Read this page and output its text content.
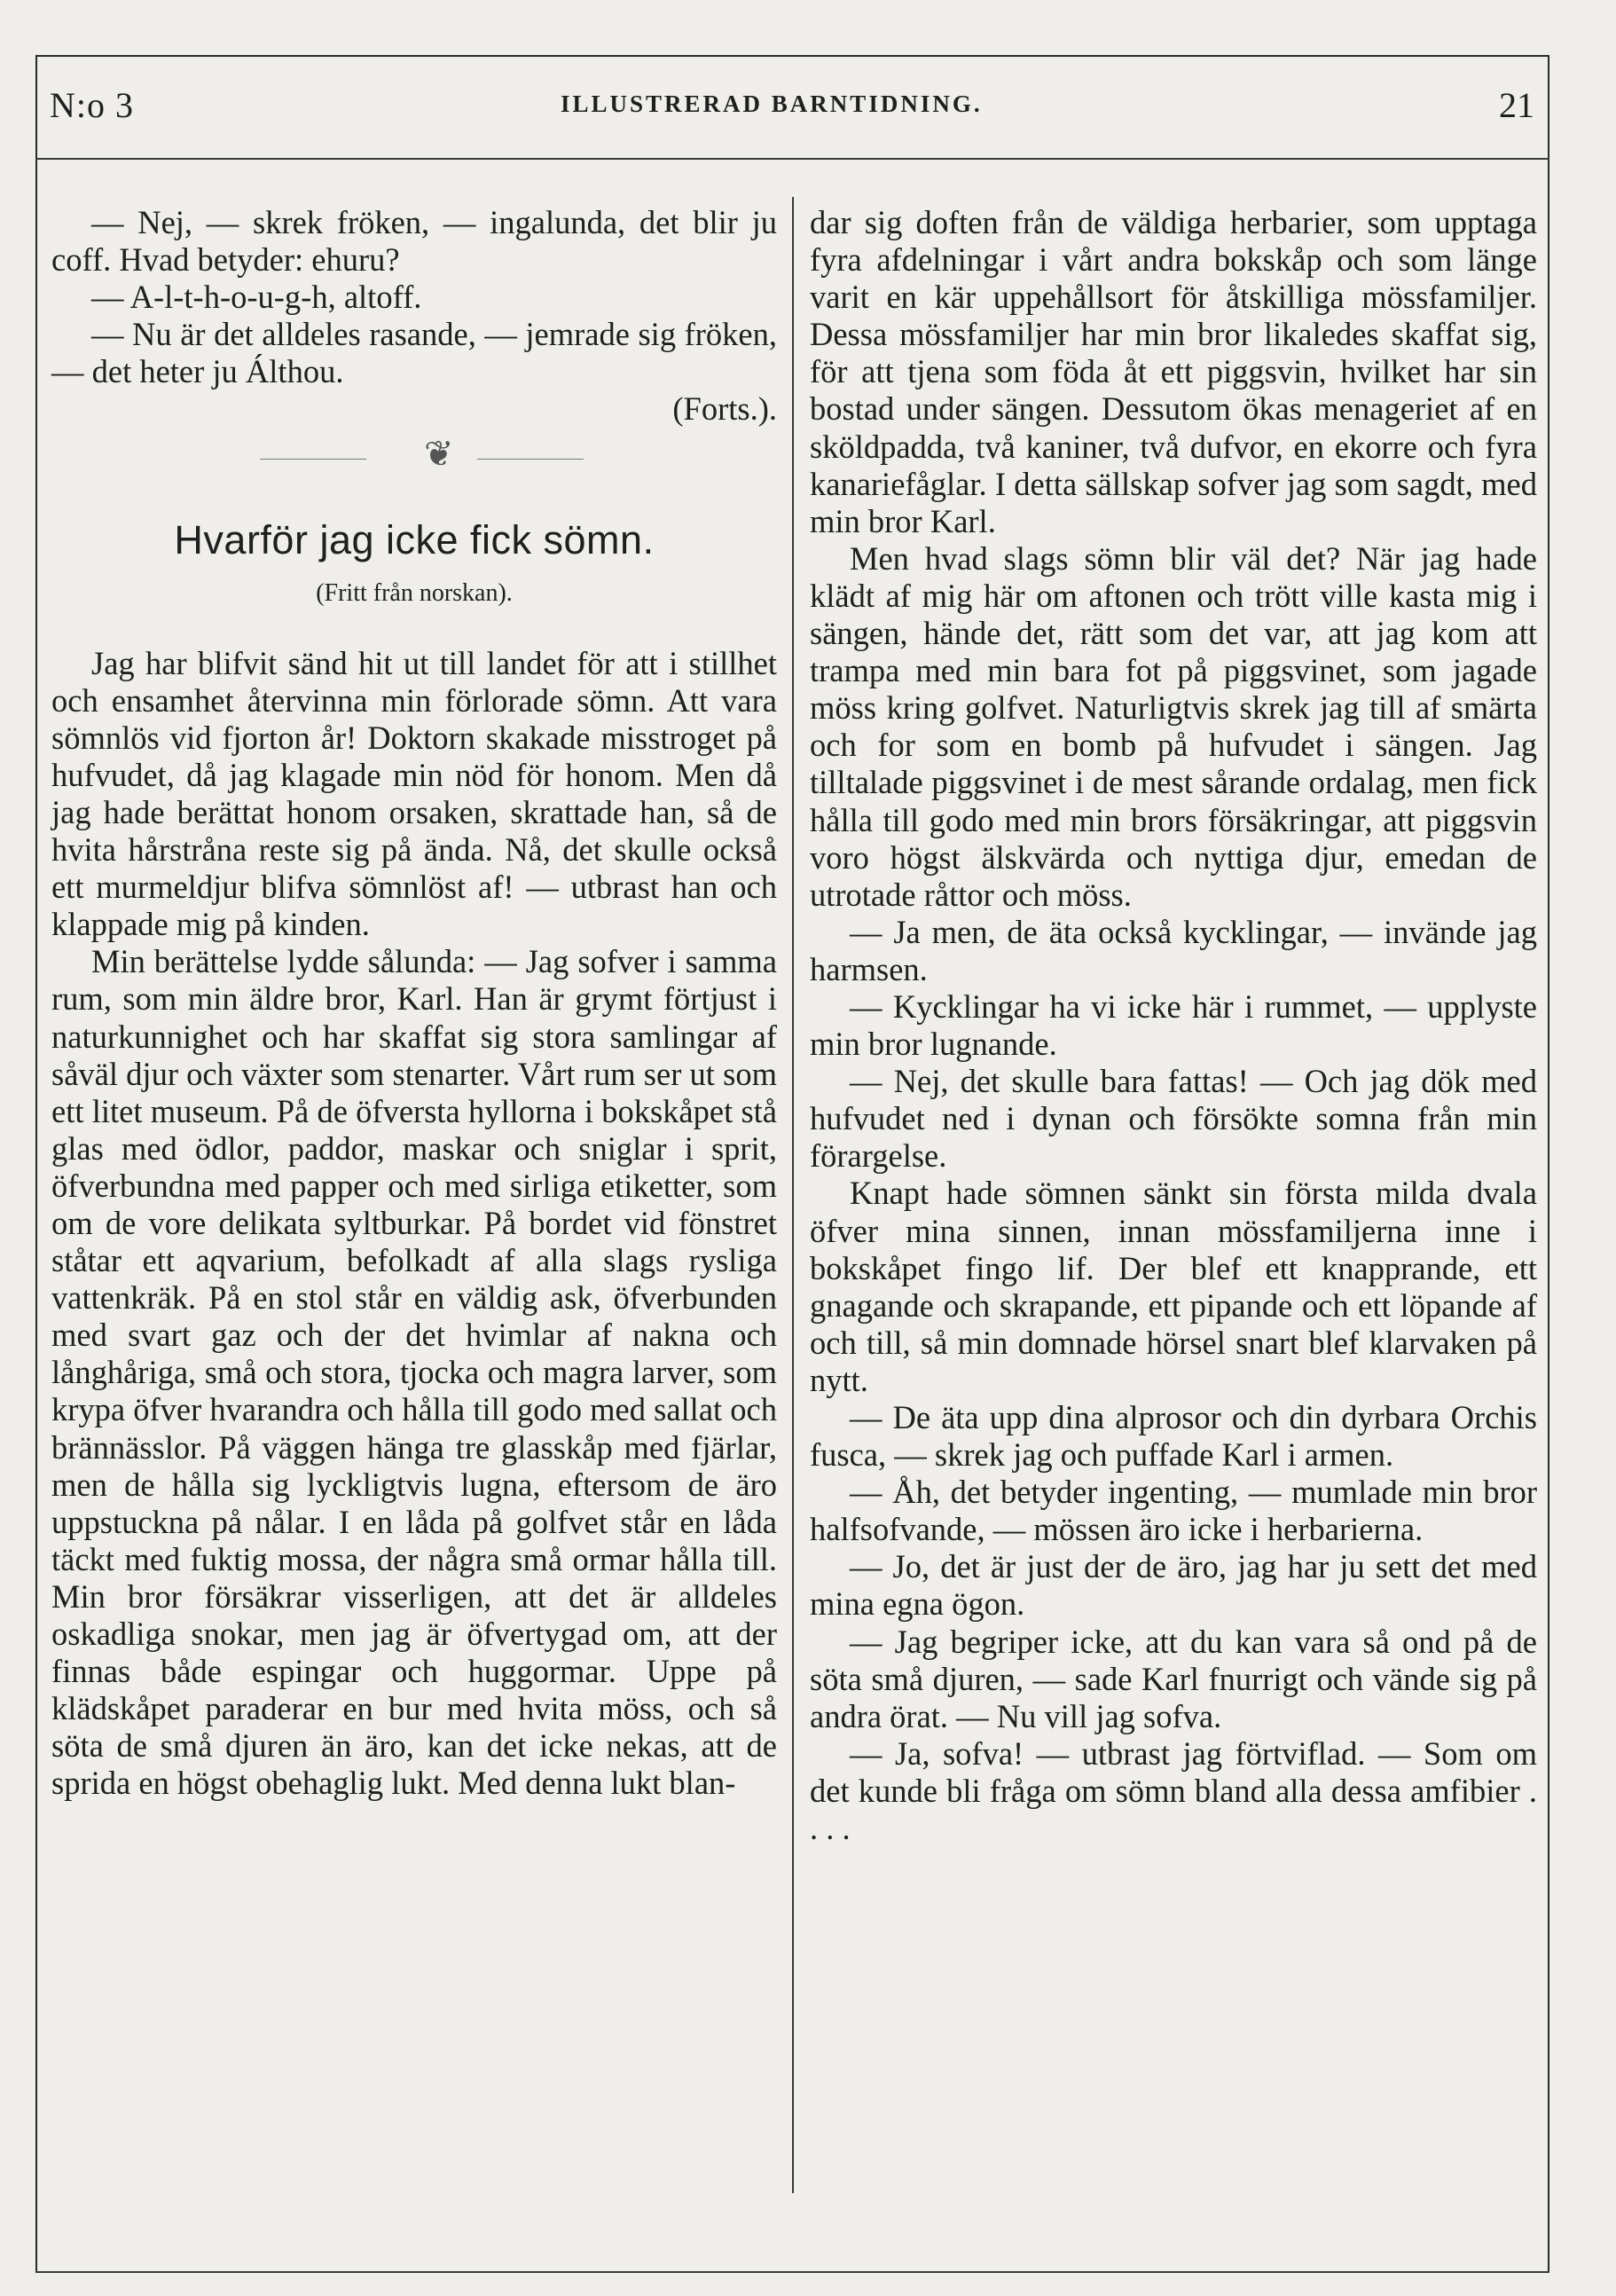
N:o 3	ILLUSTRERAD BARNTIDNING.	21

— Nej, — skrek fröken, — ingalunda, det blir ju coff. Hvad betyder: ehuru?

— A-l-t-h-o-u-g-h, altoff.

— Nu är det alldeles rasande, — jemrade sig fröken, — det heter ju Álthou.

(Forts.).

❦
Hvarför jag icke fick sömn.
(Fritt från norskan).

Jag har blifvit sänd hit ut till landet för att i stillhet och ensamhet återvinna min förlorade sömn. Att vara sömnlös vid fjorton år! Doktorn skakade misstroget på hufvudet, då jag klagade min nöd för honom. Men då jag hade berättat honom orsaken, skrattade han, så de hvita hårstråna reste sig på ända. Nå, det skulle också ett murmeldjur blifva sömnlöst af! — utbrast han och klappade mig på kinden.

Min berättelse lydde sålunda: — Jag sofver i samma rum, som min äldre bror, Karl. Han är grymt förtjust i naturkunnighet och har skaffat sig stora samlingar af såväl djur och växter som stenarter. Vårt rum ser ut som ett litet museum. På de öfversta hyllorna i bokskåpet stå glas med ödlor, paddor, maskar och sniglar i sprit, öfverbundna med papper och med sirliga etiketter, som om de vore delikata syltburkar. På bordet vid fönstret ståtar ett aqvarium, befolkadt af alla slags rysliga vattenkräk. På en stol står en väldig ask, öfverbunden med svart gaz och der det hvimlar af nakna och långhåriga, små och stora, tjocka och magra larver, som krypa öfver hvarandra och hålla till godo med sallat och brännässlor. På väggen hänga tre glasskåp med fjärlar, men de hålla sig lyckligtvis lugna, eftersom de äro uppstuckna på nålar. I en låda på golfvet står en låda täckt med fuktig mossa, der några små ormar hålla till. Min bror försäkrar visserligen, att det är alldeles oskadliga snokar, men jag är öfvertygad om, att der finnas både espingar och huggormar. Uppe på klädskåpet paraderar en bur med hvita möss, och så söta de små djuren än äro, kan det icke nekas, att de sprida en högst obehaglig lukt. Med denna lukt blan-

dar sig doften från de väldiga herbarier, som upptaga fyra afdelningar i vårt andra bokskåp och som länge varit en kär uppehållsort för åtskilliga mössfamiljer. Dessa mössfamiljer har min bror likaledes skaffat sig, för att tjena som föda åt ett piggsvin, hvilket har sin bostad under sängen. Dessutom ökas menageriet af en sköldpadda, två kaniner, två dufvor, en ekorre och fyra kanariefåglar. I detta sällskap sofver jag som sagdt, med min bror Karl.

Men hvad slags sömn blir väl det? När jag hade klädt af mig här om aftonen och trött ville kasta mig i sängen, hände det, rätt som det var, att jag kom att trampa med min bara fot på piggsvinet, som jagade möss kring golfvet. Naturligtvis skrek jag till af smärta och for som en bomb på hufvudet i sängen. Jag tilltalade piggsvinet i de mest sårande ordalag, men fick hålla till godo med min brors försäkringar, att piggsvin voro högst älskvärda och nyttiga djur, emedan de utrotade råttor och möss.

— Ja men, de äta också kycklingar, — invände jag harmsen.

— Kycklingar ha vi icke här i rummet, — upplyste min bror lugnande.

— Nej, det skulle bara fattas! — Och jag dök med hufvudet ned i dynan och försökte somna från min förargelse.

Knapt hade sömnen sänkt sin första milda dvala öfver mina sinnen, innan mössfamiljerna inne i bokskåpet fingo lif. Der blef ett knapprande, ett gnagande och skrapande, ett pipande och ett löpande af och till, så min domnade hörsel snart blef klarvaken på nytt.

— De äta upp dina alprosor och din dyrbara Orchis fusca, — skrek jag och puffade Karl i armen.

— Åh, det betyder ingenting, — mumlade min bror halfsofvande, — mössen äro icke i herbarierna.

— Jo, det är just der de äro, jag har ju sett det med mina egna ögon.

— Jag begriper icke, att du kan vara så ond på de söta små djuren, — sade Karl fnurrigt och vände sig på andra örat. — Nu vill jag sofva.

— Ja, sofva! — utbrast jag förtviflad. — Som om det kunde bli fråga om sömn bland alla dessa amfibier . . . .
